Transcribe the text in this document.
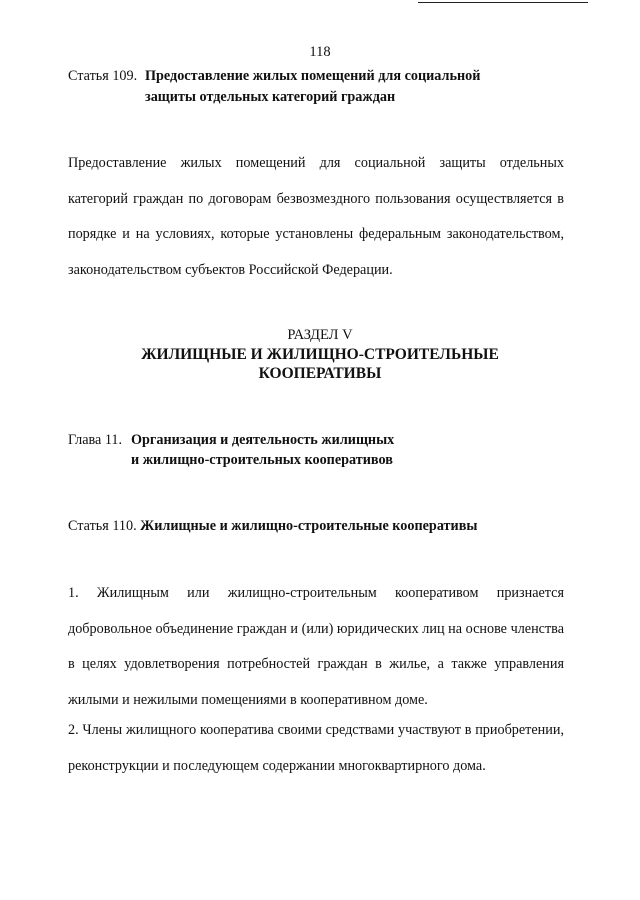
118
Статья 109. Предоставление жилых помещений для социальной
защиты отдельных категорий граждан
Предоставление жилых помещений для социальной защиты отдельных категорий граждан по договорам безвозмездного пользования осуществляется в порядке и на условиях, которые установлены федеральным законодательством, законодательством субъектов Российской Федерации.
РАЗДЕЛ V
ЖИЛИЩНЫЕ И ЖИЛИЩНО-СТРОИТЕЛЬНЫЕ
КООПЕРАТИВЫ
Глава 11. Организация и деятельность жилищных
и жилищно-строительных кооперативов
Статья 110. Жилищные и жилищно-строительные кооперативы
1. Жилищным или жилищно-строительным кооперативом признается добровольное объединение граждан и (или) юридических лиц на основе членства в целях удовлетворения потребностей граждан в жилье, а также управления жилыми и нежилыми помещениями в кооперативном доме.
2. Члены жилищного кооператива своими средствами участвуют в приобретении, реконструкции и последующем содержании многоквартирного дома.
